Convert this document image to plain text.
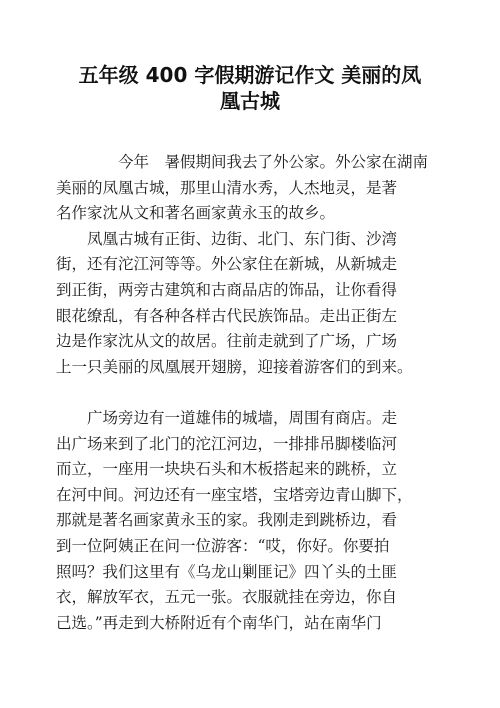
五年级 400 字假期游记作文 美丽的凤
凰古城
今年　暑假期间我去了外公家。外公家在湖南
美丽的凤凰古城，那里山清水秀，人杰地灵，是著
名作家沈从文和著名画家黄永玉的故乡。
凤凰古城有正街、边街、北门、东门街、沙湾
街，还有沱江河等等。外公家住在新城，从新城走
到正街，两旁古建筑和古商品店的饰品，让你看得
眼花缭乱，有各种各样古代民族饰品。走出正街左
边是作家沈从文的故居。往前走就到了广场，广场
上一只美丽的凤凰展开翅膀，迎接着游客们的到来。
广场旁边有一道雄伟的城墙，周围有商店。走
出广场来到了北门的沱江河边，一排排吊脚楼临河
而立，一座用一块块石头和木板搭起来的跳桥，立
在河中间。河边还有一座宝塔，宝塔旁边青山脚下，
那就是著名画家黄永玉的家。我刚走到跳桥边，看
到一位阿姨正在问一位游客：“哎，你好。你要拍
照吗？我们这里有《乌龙山剿匪记》四丫头的土匪
衣，解放军衣，五元一张。衣服就挂在旁边，你自
己选。”再走到大桥附近有个南华门，站在南华门
